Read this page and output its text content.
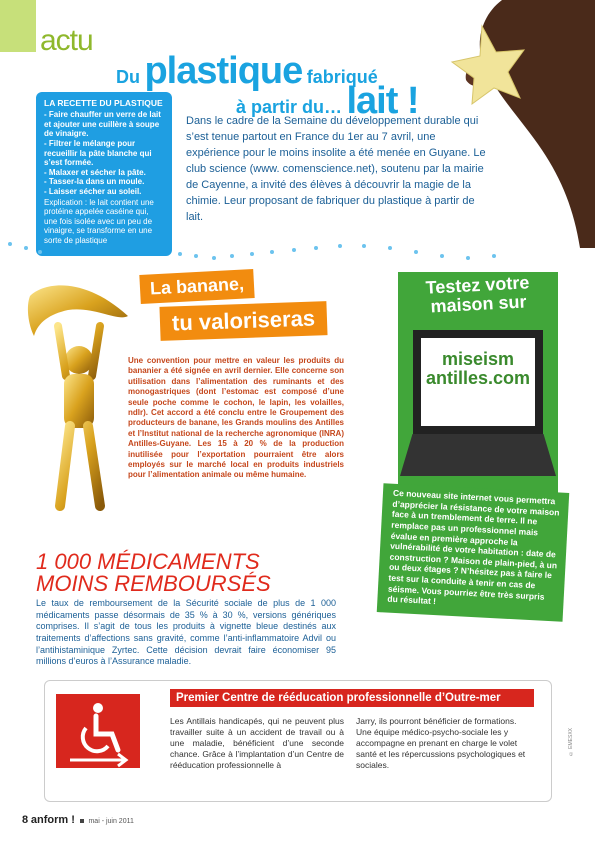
actu
Du plastique fabriqué
à partir du… lait !
LA RECETTE DU PLASTIQUE
- Faire chauffer un verre de lait et ajouter une cuillère à soupe de vinaigre.
- Filtrer le mélange pour recueillir la pâte blanche qui s’est formée.
- Malaxer et sécher la pâte.
- Tasser-la dans un moule.
- Laisser sécher au soleil.
Explication : le lait contient une protéine appelée caséine qui, une fois isolée avec un peu de vinaigre, se transforme en une sorte de plastique
Dans le cadre de la Semaine du développement durable qui s’est tenue partout en France du 1er au 7 avril, une expérience pour le moins insolite a été menée en Guyane. Le club science (www. comenscience.net), soutenu par la mairie de Cayenne, a invité des élèves à découvrir la magie de la chimie. Leur proposant de fabriquer du plastique à partir de lait.
La banane,
tu valoriseras
Une convention pour mettre en valeur les produits du bananier a été signée en avril dernier. Elle concerne son utilisation dans l’alimentation des ruminants et des monogastriques (dont l’estomac est composé d’une seule poche comme le cochon, le lapin, les volailles, ndlr). Cet accord a été conclu entre le Groupement des producteurs de banane, les Grands moulins des Antilles et l’Institut national de la recherche agronomique (INRA) Antilles-Guyane. Les 15 à 20 % de la production inutilisée pour l’exportation pourraient être alors employés sur le marché local en produits industriels pour l’alimentation animale ou même humaine.
Testez votre maison sur
miseism antilles.com
Ce nouveau site internet vous permettra d’apprécier la résistance de votre maison face à un tremblement de terre. Il ne remplace pas un professionnel mais évalue en première approche la vulnérabilité de votre habitation : date de construction ? Maison de plain-pied, à un ou deux étages ? N’hésitez pas à faire le test sur la conduite à tenir en cas de séisme. Vous pourriez être très surpris du résultat !
1 000 MÉDICAMENTS
MOINS REMBOURSÉS
Le taux de remboursement de la Sécurité sociale de plus de 1 000 médicaments passe désormais de 35 % à 30 %, versions génériques comprises. Il s’agit de tous les produits à vignette bleue destinés aux traitements d’affections sans gravité, comme l’anti-inflammatoire Advil ou l’antihistaminique Zyrtec. Cette décision devrait faire économiser 95 millions d’euros à l’Assurance maladie.
Premier Centre de rééducation professionnelle d’Outre-mer
Les Antillais handicapés, qui ne peuvent plus travailler suite à un accident de travail ou à une maladie, bénéficient d’une seconde chance. Grâce à l’implantation d’un Centre de rééducation professionnelle à
Jarry, ils pourront bénéficier de formations. Une équipe médico-psycho-sociale les y accompagne en prenant en charge le volet santé et les répercussions psychologiques et sociales.
© EMESXX
8 anform ! mai - juin 2011
